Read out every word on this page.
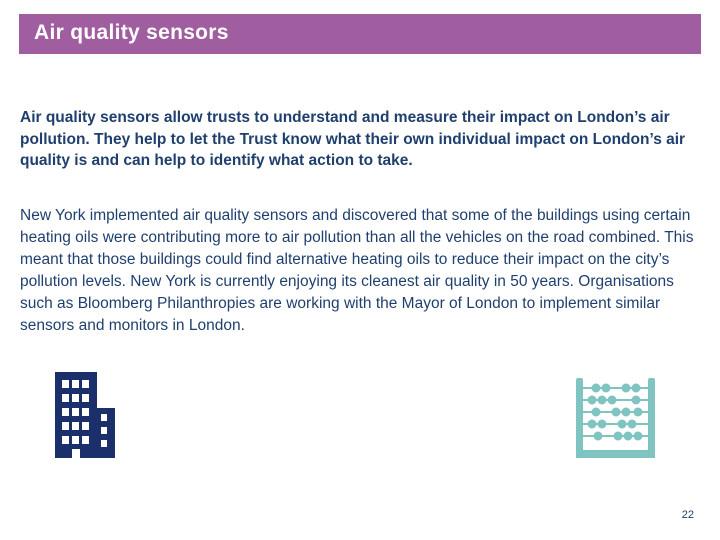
Air quality sensors
Air quality sensors allow trusts to understand and measure their impact on London’s air pollution. They help to let the Trust know what their own individual impact on London’s air quality is and can help to identify what action to take.
New York implemented air quality sensors and discovered that some of the buildings using certain heating oils were contributing more to air pollution than all the vehicles on the road combined. This meant that those buildings could find alternative heating oils to reduce their impact on the city’s pollution levels. New York is currently enjoying its cleanest air quality in 50 years. Organisations such as Bloomberg Philanthropies are working with the Mayor of London to implement similar sensors and monitors in London.
22
